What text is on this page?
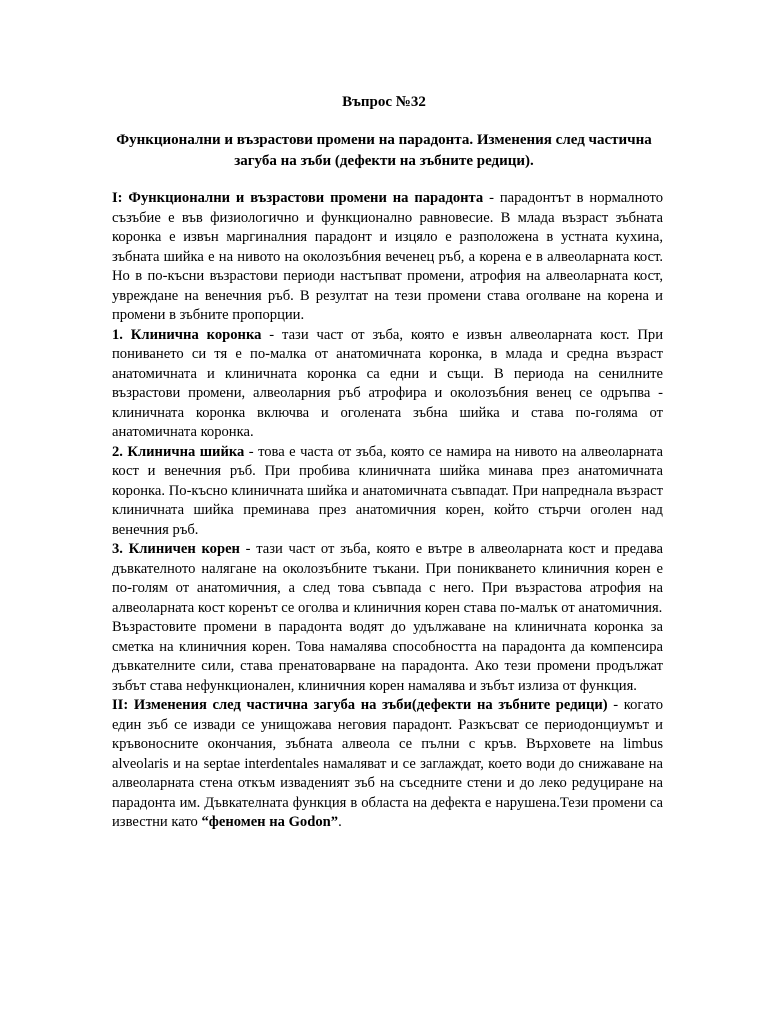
Въпрос №32
Функционални и възрастови промени на парадонта. Изменения след частична загуба на зъби (дефекти на зъбните редици).

I: Функционални и възрастови промени на парадонта - парадонтът в нормалното съзъбие е във физиологично и функционално равновесие. В млада възраст зъбната коронка е извън маргиналния парадонт и изцяло е разположена в устната кухина, зъбната шийка е на нивото на околозъбния веченец ръб, а корена е в алвеоларната кост. Но в по-късни възрастови периоди настъпват промени, атрофия на алвеоларната кост, увреждане на венечния ръб. В резултат на тези промени става оголване на корена и промени в зъбните пропорции.

1. Клинична коронка - тази част от зъба, която е извън алвеоларната кост. При пониването си тя е по-малка от анатомичната коронка, в млада и средна възраст анатомичната и клиничната коронка са едни и същи. В периода на сенилните възрастови промени, алвеоларния ръб атрофира и околозъбния венец се одръпва - клиничната коронка включва и оголената зъбна шийка и става по-голяма от анатомичната коронка.

2. Клинична шийка - това е часта от зъба, която се намира на нивото на алвеоларната кост и венечния ръб. При пробива клиничната шийка минава през анатомичната коронка. По-късно клиничната шийка и анатомичната съвпадат. При напреднала възраст клиничната шийка преминава през анатомичния корен, който стърчи оголен над венечния ръб.

3. Клиничен корен - тази част от зъба, която е вътре в алвеоларната кост и предава дъвкателното налягане на околозъбните тъкани. При поникването клиничния корен е по-голям от анатомичния, а след това съвпада с него. При възрастова атрофия на алвеоларната кост коренът се оголва и клиничния корен става по-малък от анатомичния.

Възрастовите промени в парадонта водят до удължаване на клиничната коронка за сметка на клиничния корен. Това намалява способността на парадонта да компенсира дъвкателните сили, става пренатоварване на парадонта. Ако тези промени продължат зъбът става нефункционален, клиничния корен намалява и зъбът излиза от функция.

II: Изменения след частична загуба на зъби(дефекти на зъбните редици) - когато един зъб се извади се унищожава неговия парадонт. Разкъсват се периодонциумът и кръвоносните окончания, зъбната алвеола се пълни с кръв. Върховете на limbus alveolaris и на septae interdentales намаляват и се заглаждат, което води до снижаване на алвеоларната стена откъм изваденият зъб на съседните стени и до леко редуциране на парадонта им. Дъвкателната функция в областа на дефекта е нарушена.Тези промени са известни като “феномен на Godon”.
